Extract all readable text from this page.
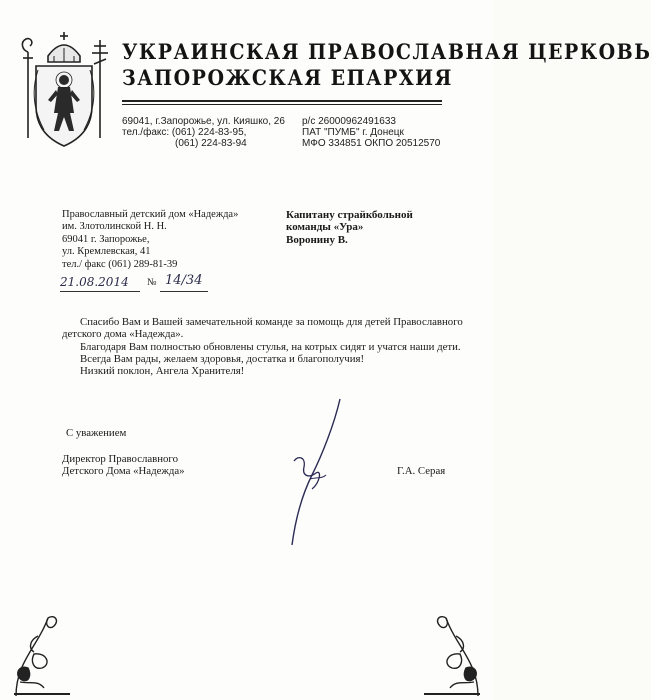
УКРАИНСКАЯ ПРАВОСЛАВНАЯ ЦЕРКОВЬ
ЗАПОРОЖСКАЯ ЕПАРХИЯ
69041, г.Запорожье, ул. Кияшко, 26
тел./факс: (061) 224-83-95,
(061) 224-83-94
р/с 26000962491633
ПАТ "ПУМБ" г. Донецк
МФО 334851 ОКПО 20512570
Православный детский дом «Надежда»
им. Злотолинской Н. Н.
69041 г. Запорожье,
ул. Кремлевская, 41
тел./ факс (061) 289-81-39
Капитану страйкбольной
команды «Ура»
Воронину В.
21.08.2014 № 14/34

Спасибо Вам и Вашей замечательной команде за помощь для детей Православного детского дома «Надежда».

Благодаря Вам полностью обновлены стулья, на котрых сидят и учатся наши дети.

Всегда Вам рады, желаем здоровья, достатка и благополучия!

Низкий поклон, Ангела Хранителя!

С уважением
Директор Православного
Детского Дома «Надежда»	Г.А. Серая
